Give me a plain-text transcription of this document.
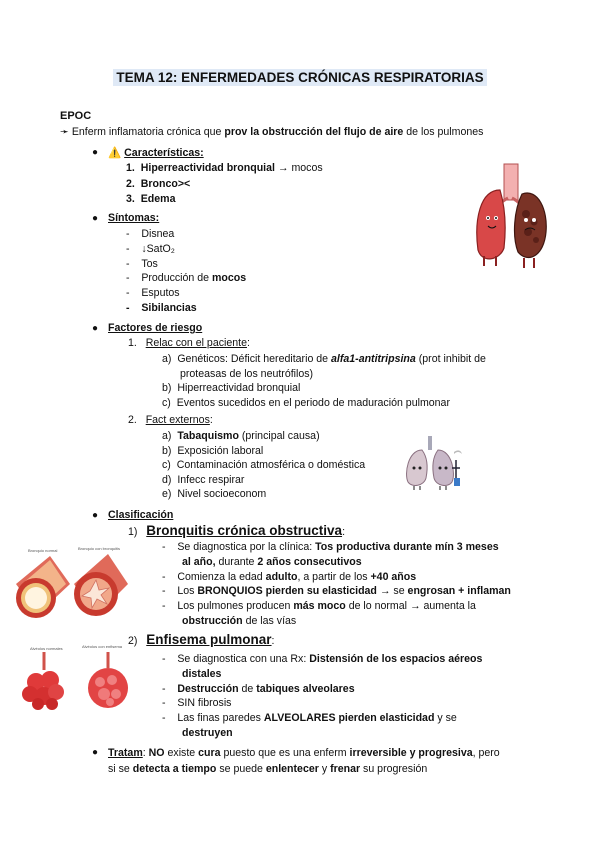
TEMA 12: ENFERMEDADES CRÓNICAS RESPIRATORIAS
EPOC
➛ Enferm inflamatoria crónica que prov la obstrucción del flujo de aire de los pulmones
● ⚠️ Características:
1. Hiperreactividad bronquial → mocos
2. Bronco><
3. Edema
● Síntomas:
- Disnea
- ↓SatO₂
- Tos
- Producción de mocos
- Esputos
- Sibilancias
● Factores de riesgo
1. Relac con el paciente:
a) Genéticos: Déficit hereditario de alfa1-antitripsina (prot inhibit de
proteasas de los neutrófilos)
b) Hiperreactividad bronquial
c) Eventos sucedidos en el periodo de maduración pulmonar
2. Fact externos:
a) Tabaquismo (principal causa)
b) Exposición laboral
c) Contaminación atmosférica o doméstica
d) Infecc respirar
e) Nivel socioeconom
● Clasificación
1) Bronquitis crónica obstructiva:
- Se diagnostica por la clínica: Tos productiva durante mín 3 meses
al año, durante 2 años consecutivos
- Comienza la edad adulto, a partir de los +40 años
- Los BRONQUIOS pierden su elasticidad → se engrosan + inflaman
- Los pulmones producen más moco de lo normal → aumenta la
obstrucción de las vías
Bronquio normal	Bronquio con bronquitis
2) Enfisema pulmonar:
- Se diagnostica con una Rx: Distensión de los espacios aéreos
distales
- Destrucción de tabiques alveolares
- SIN fibrosis
- Las finas paredes ALVEOLARES pierden elasticidad y se
destruyen
Alvéolos normales	Alvéolos con enfisema
● Tratam: NO existe cura puesto que es una enferm irreversible y progresiva, pero
si se detecta a tiempo se puede enlentecer y frenar su progresión
